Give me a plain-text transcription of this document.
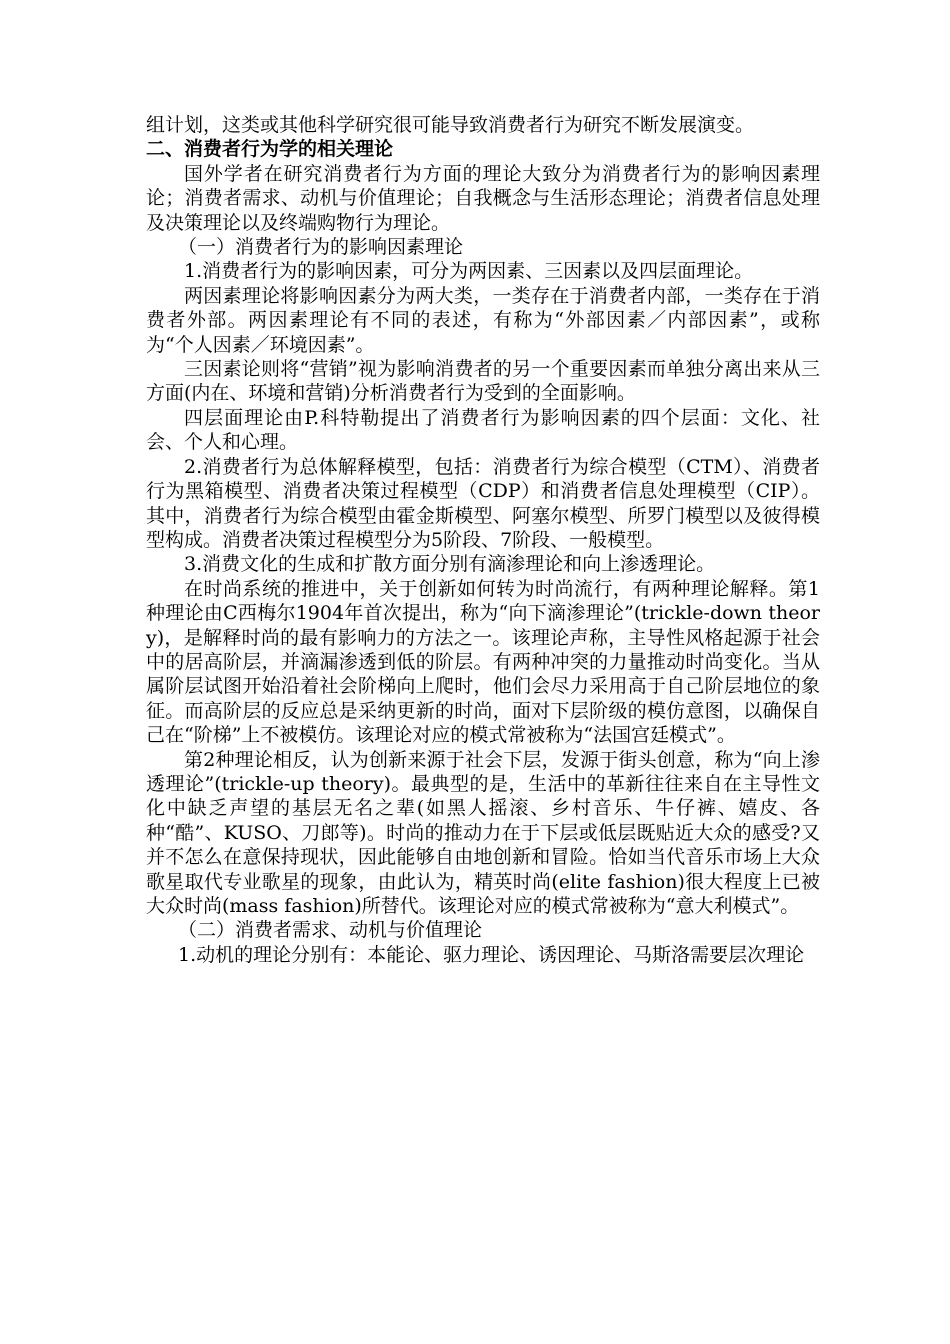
组计划，这类或其他科学研究很可能导致消费者行为研究不断发展演变。

二、消费者行为学的相关理论

国外学者在研究消费者行为方面的理论大致分为消费者行为的影响因素理论；消费者需求、动机与价值理论；自我概念与生活形态理论；消费者信息处理及决策理论以及终端购物行为理论。

（一）消费者行为的影响因素理论

1.消费者行为的影响因素，可分为两因素、三因素以及四层面理论。

两因素理论将影响因素分为两大类，一类存在于消费者内部，一类存在于消费者外部。两因素理论有不同的表述，有称为“外部因素／内部因素”，或称为“个人因素／环境因素”。

三因素论则将“营销”视为影响消费者的另一个重要因素而单独分离出来从三方面(内在、环境和营销)分析消费者行为受到的全面影响。

四层面理论由P.科特勒提出了消费者行为影响因素的四个层面：文化、社会、个人和心理。

2.消费者行为总体解释模型，包括：消费者行为综合模型（CTM）、消费者行为黑箱模型、消费者决策过程模型（CDP）和消费者信息处理模型（CIP）。其中，消费者行为综合模型由霍金斯模型、阿塞尔模型、所罗门模型以及彼得模型构成。消费者决策过程模型分为5阶段、7阶段、一般模型。

3.消费文化的生成和扩散方面分别有滴渗理论和向上渗透理论。

在时尚系统的推进中，关于创新如何转为时尚流行，有两种理论解释。第1种理论由C西梅尔1904年首次提出，称为“向下滴渗理论”(trickle-down theory)，是解释时尚的最有影响力的方法之一。该理论声称，主导性风格起源于社会中的居高阶层，并滴漏渗透到低的阶层。有两种冲突的力量推动时尚变化。当从属阶层试图开始沿着社会阶梯向上爬时，他们会尽力采用高于自己阶层地位的象征。而高阶层的反应总是采纳更新的时尚，面对下层阶级的模仿意图，以确保自己在“阶梯”上不被模仿。该理论对应的模式常被称为“法国宫廷模式”。

第2种理论相反，认为创新来源于社会下层，发源于街头创意，称为“向上渗透理论”(trickle-up theory)。最典型的是，生活中的革新往往来自在主导性文化中缺乏声望的基层无名之辈(如黑人摇滚、乡村音乐、牛仔裤、嬉皮、各种“酷”、KUSO、刀郎等)。时尚的推动力在于下层或低层既贴近大众的感受?又并不怎么在意保持现状，因此能够自由地创新和冒险。恰如当代音乐市场上大众歌星取代专业歌星的现象，由此认为，精英时尚(elite fashion)很大程度上已被大众时尚(mass fashion)所替代。该理论对应的模式常被称为“意大利模式”。

（二）消费者需求、动机与价值理论

1.动机的理论分别有：本能论、驱力理论、诱因理论、马斯洛需要层次理论
